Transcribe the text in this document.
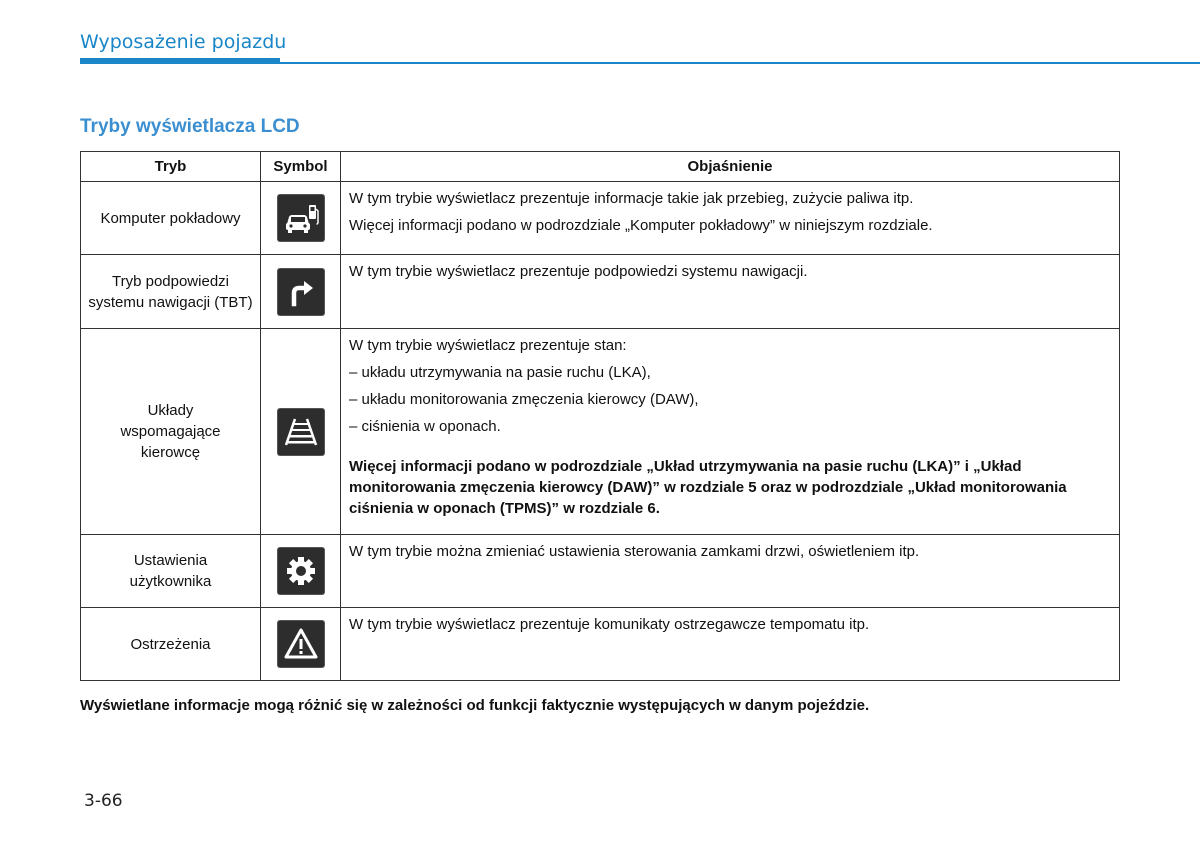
Wyposażenie pojazdu
Tryby wyświetlacza LCD
Tryb	Symbol	Objaśnienie
Komputer pokładowy		W tym trybie wyświetlacz prezentuje informacje takie jak przebieg, zużycie paliwa itp.
Więcej informacji podano w podrozdziale „Komputer pokładowy” w niniejszym rozdziale.

Tryb podpowiedzi systemu nawigacji (TBT)		W tym trybie wyświetlacz prezentuje podpowiedzi systemu nawigacji.

Układy wspomagające kierowcę		W tym trybie wyświetlacz prezentuje stan:
– układu utrzymywania na pasie ruchu (LKA),
– układu monitorowania zmęczenia kierowcy (DAW),
– ciśnienia w oponach.
Więcej informacji podano w podrozdziale „Układ utrzymywania na pasie ruchu (LKA)” i „Układ monitorowania zmęczenia kierowcy (DAW)” w rozdziale 5 oraz w podrozdziale „Układ monitorowania ciśnienia w oponach (TPMS)” w rozdziale 6.

Ustawienia użytkownika		W tym trybie można zmieniać ustawienia sterowania zamkami drzwi, oświetleniem itp.

Ostrzeżenia		W tym trybie wyświetlacz prezentuje komunikaty ostrzegawcze tempomatu itp.
Wyświetlane informacje mogą różnić się w zależności od funkcji faktycznie występujących w danym pojeździe.
3-66
